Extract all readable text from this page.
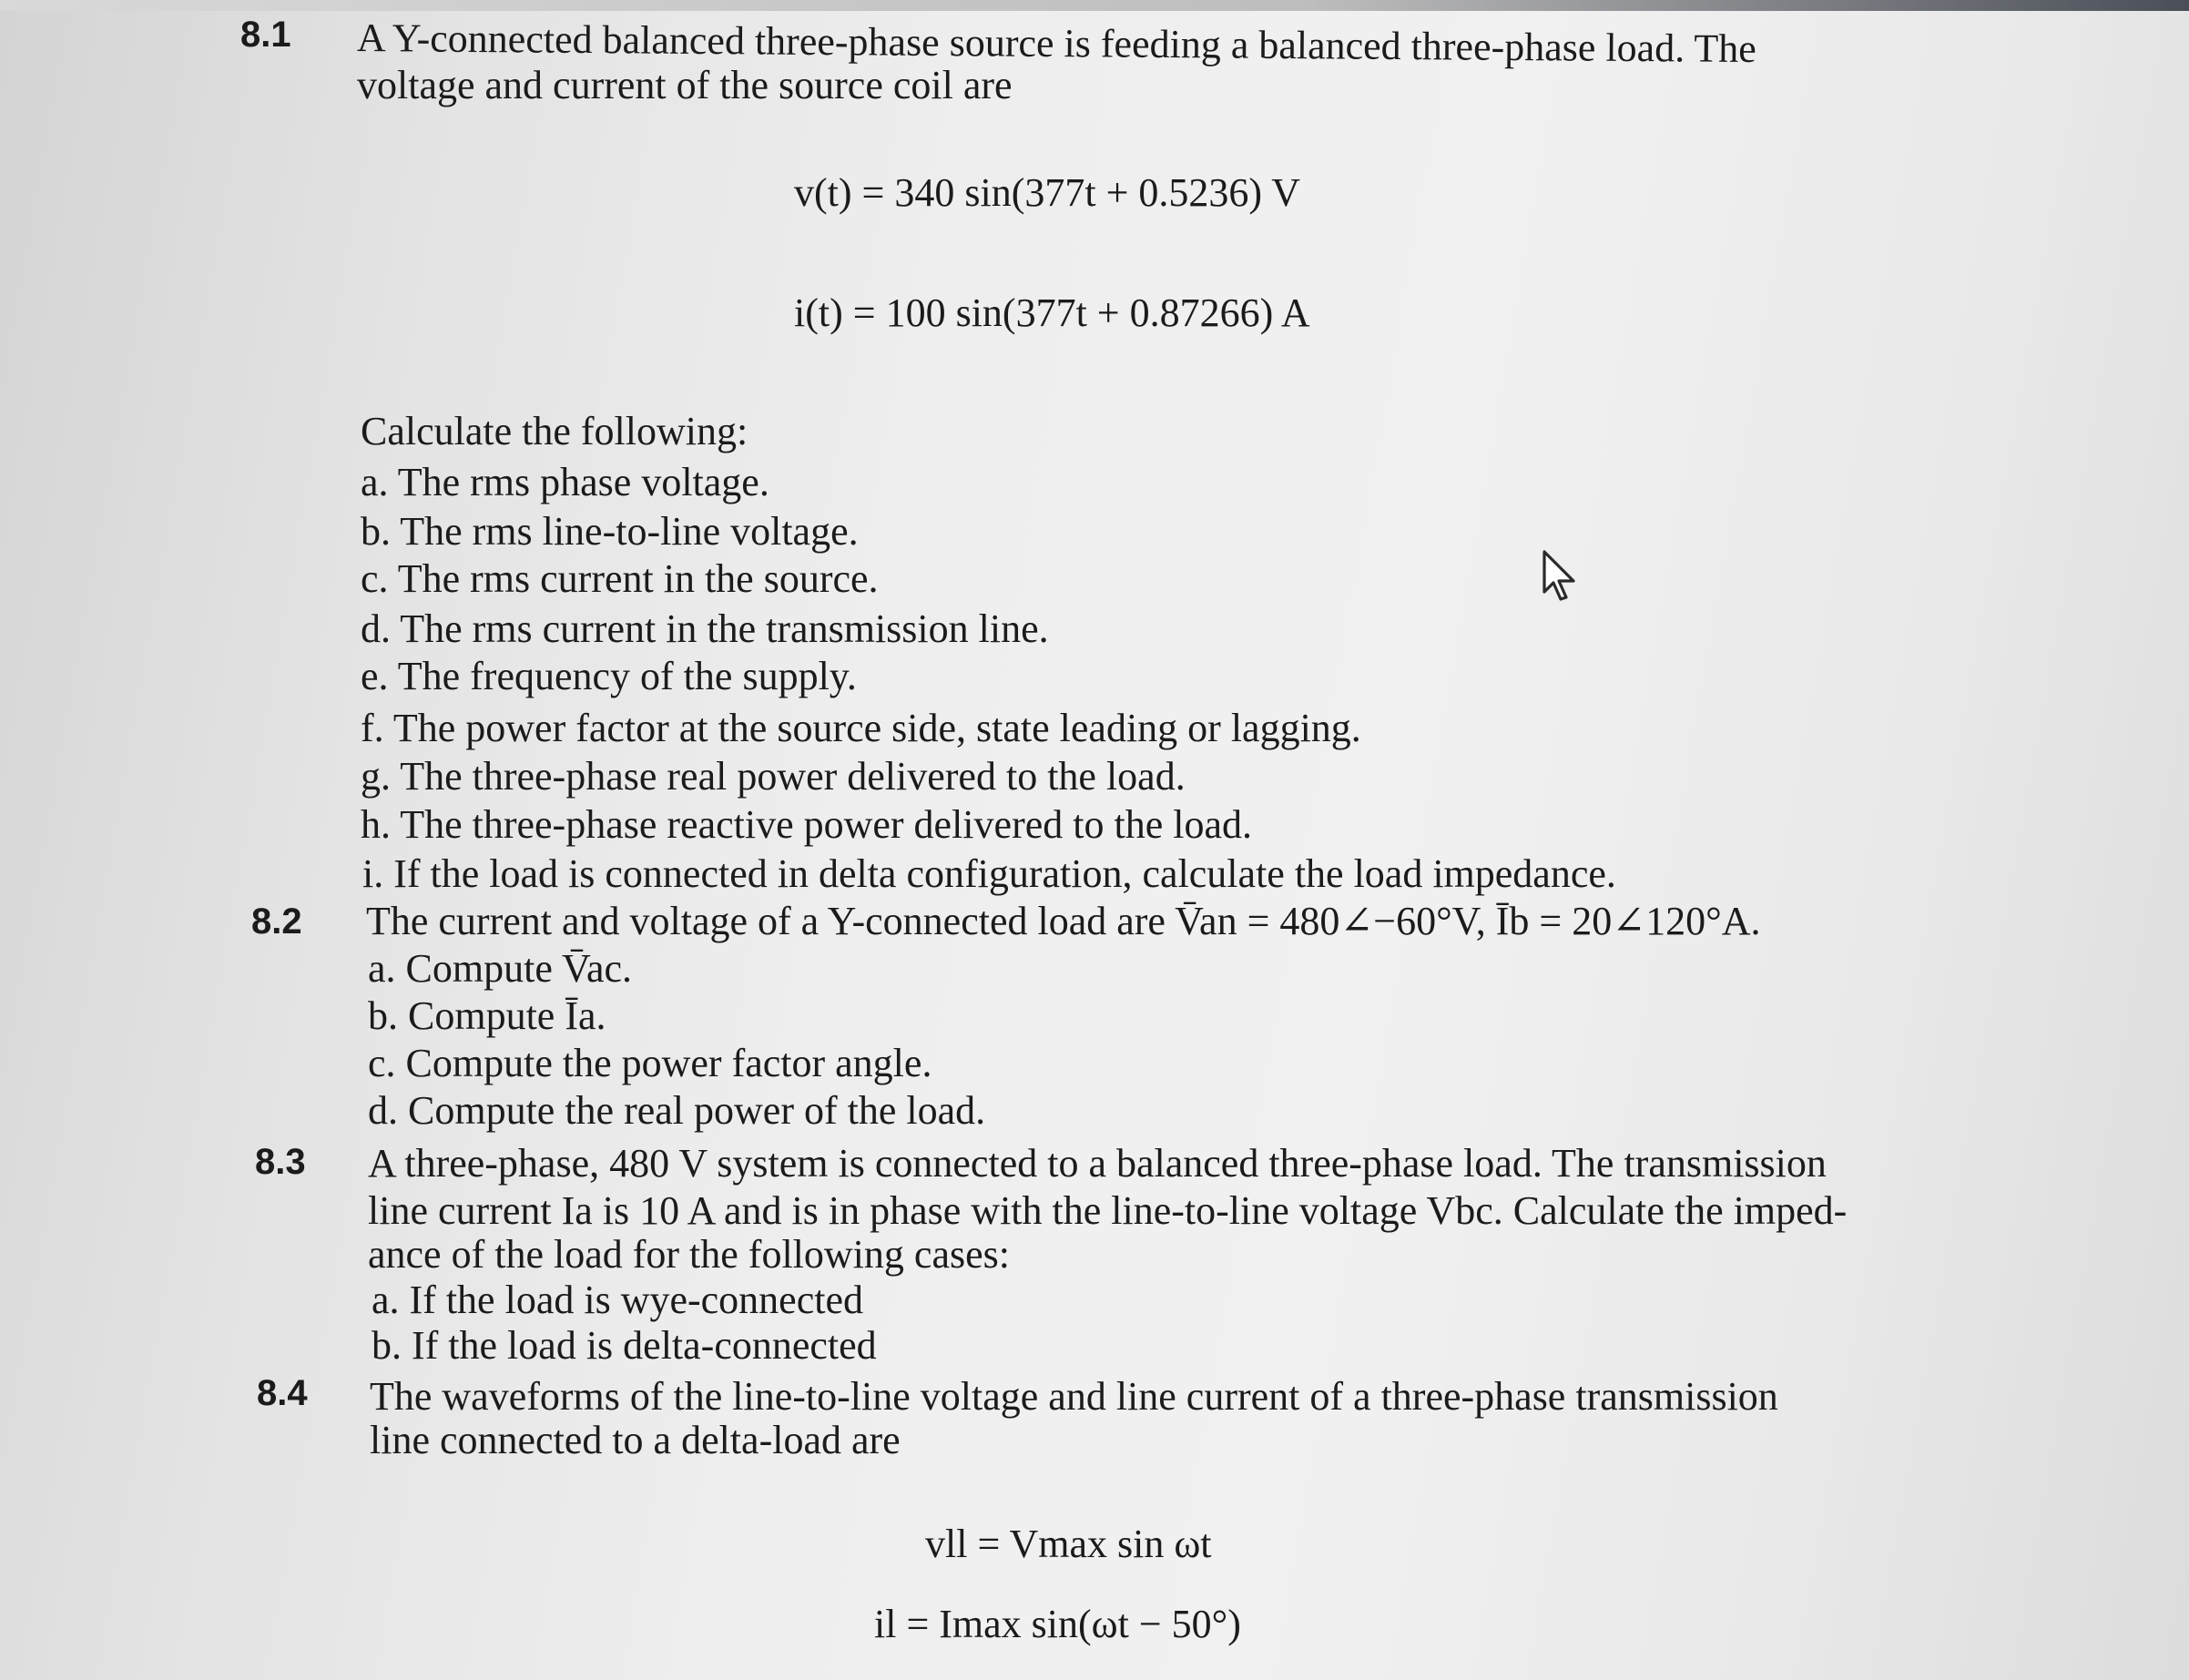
8.1 A Y-connected balanced three-phase source is feeding a balanced three-phase load. The
voltage and current of the source coil are
v(t) = 340 sin(377t + 0.5236) V
i(t) = 100 sin(377t + 0.87266) A
Calculate the following:
a. The rms phase voltage.
b. The rms line-to-line voltage.
c. The rms current in the source.
d. The rms current in the transmission line.
e. The frequency of the supply.
f. The power factor at the source side, state leading or lagging.
g. The three-phase real power delivered to the load.
h. The three-phase reactive power delivered to the load.
i. If the load is connected in delta configuration, calculate the load impedance.
8.2 The current and voltage of a Y-connected load are V̄an = 480∠−60°V, Īb = 20∠120°A.
a. Compute V̄ac.
b. Compute Īa.
c. Compute the power factor angle.
d. Compute the real power of the load.
8.3 A three-phase, 480 V system is connected to a balanced three-phase load. The transmission
line current Ia is 10 A and is in phase with the line-to-line voltage Vbc. Calculate the imped-
ance of the load for the following cases:
a. If the load is wye-connected
b. If the load is delta-connected
8.4 The waveforms of the line-to-line voltage and line current of a three-phase transmission
line connected to a delta-load are
vll = Vmax sin ωt
il = Imax sin(ωt − 50°)
